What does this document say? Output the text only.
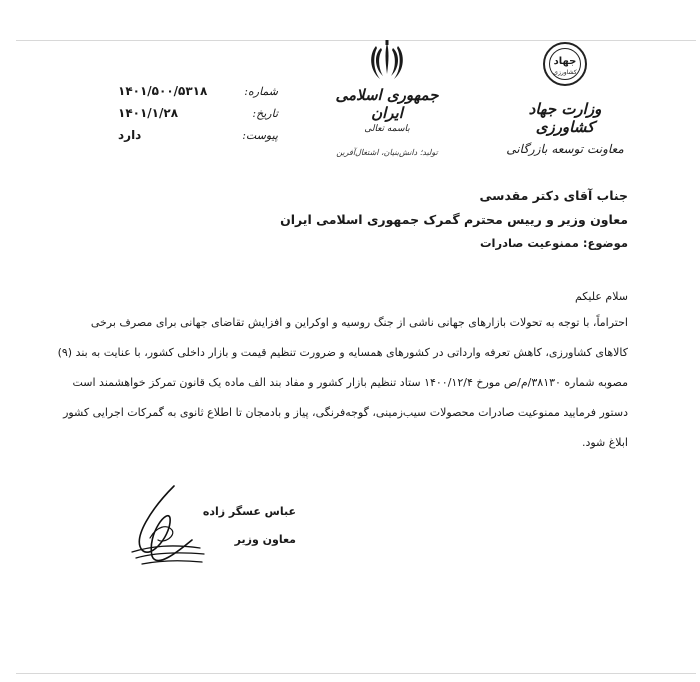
جهاد
کشاورزی
وزارت جهاد کشاورزی
معاونت توسعه بازرگانی
جمهوری اسلامی ایران
باسمه تعالی
تولید؛ دانش‌بنیان، اشتغال‌آفرین
شماره:
۱۴۰۱/۵۰۰/۵۳۱۸
تاریخ:
۱۴۰۱/۱/۲۸
پیوست:
دارد
جناب آقای دکتر مقدسی
معاون وزیر و رییس محترم گمرک جمهوری اسلامی ایران
موضوع: ممنوعیت صادرات
سلام علیکم
احتراماً، با توجه به تحولات بازارهای جهانی ناشی از جنگ روسیه و اوکراین و افزایش تقاضای جهانی برای مصرف برخی
کالاهای کشاورزی، کاهش تعرفه وارداتی در کشورهای همسایه و ضرورت تنظیم قیمت و بازار داخلی کشور، با عنایت به بند (۹)
مصوبه شماره ۳۸۱۳۰/م/ص مورخ ۱۴۰۰/۱۲/۴ ستاد تنظیم بازار کشور و مفاد بند الف ماده یک قانون تمرکز خواهشمند است
دستور فرمایید ممنوعیت صادرات محصولات سیب‌زمینی، گوجه‌فرنگی، پیاز و بادمجان تا اطلاع ثانوی به گمرکات اجرایی کشور
ابلاغ شود.
عباس عسگر زاده
معاون وزیر
